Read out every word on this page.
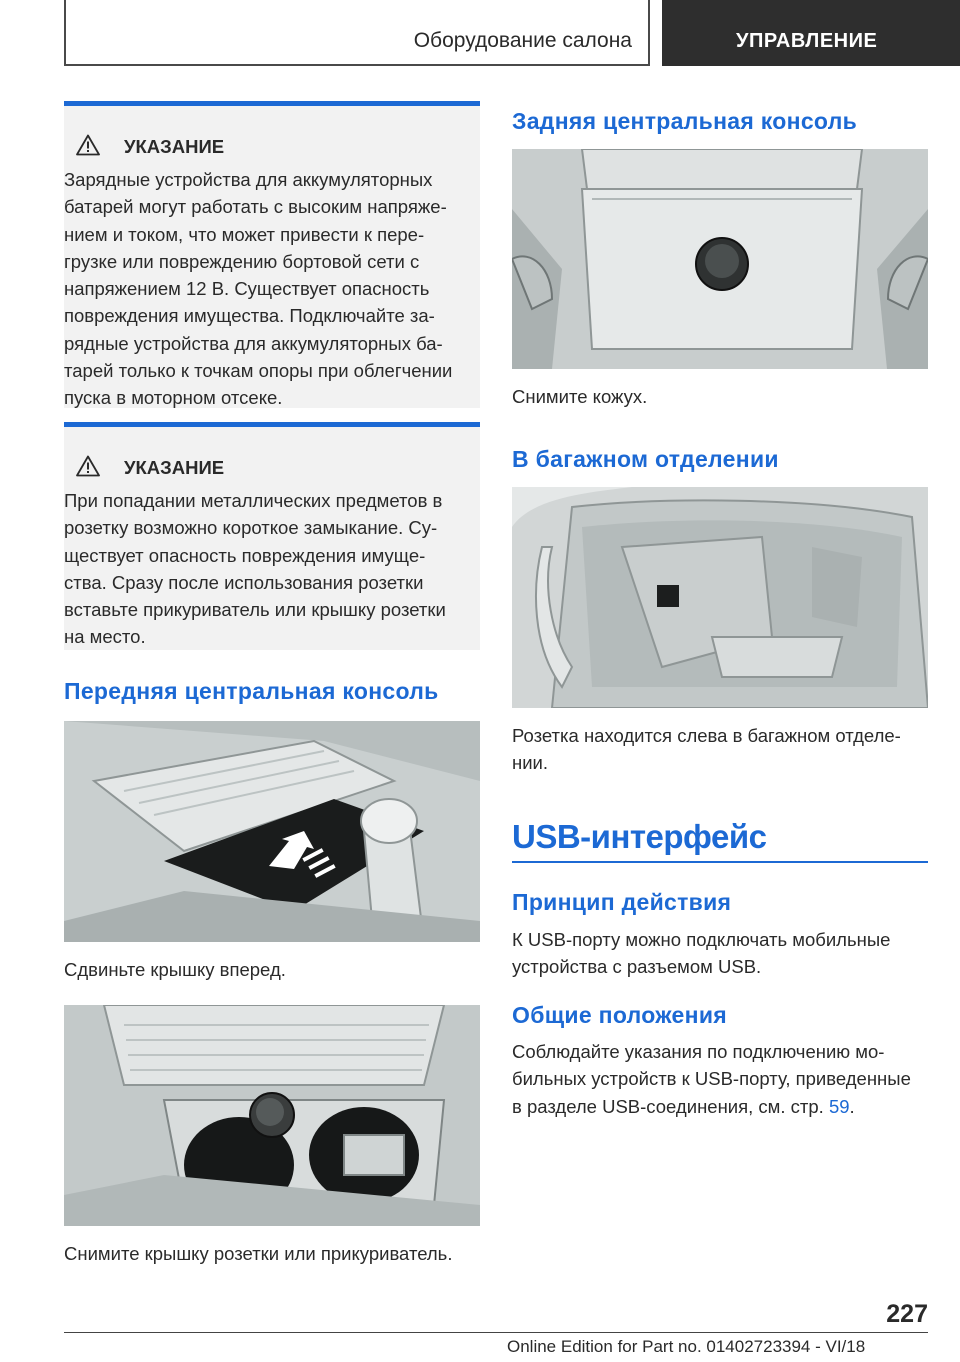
Оборудование салона	УПРАВЛЕНИЕ
УКАЗАНИЕ
Зарядные устройства для аккумуляторных
батарей могут работать с высоким напряже-
нием и током, что может привести к пере-
грузке или повреждению бортовой сети с
напряжением 12 В. Существует опасность
повреждения имущества. Подключайте за-
рядные устройства для аккумуляторных ба-
тарей только к точкам опоры при облегчении
пуска в моторном отсеке.
УКАЗАНИЕ
При попадании металлических предметов в
розетку возможно короткое замыкание. Су-
ществует опасность повреждения имуще-
ства. Сразу после использования розетки
вставьте прикуриватель или крышку розетки
на место.
Передняя центральная консоль
Сдвиньте крышку вперед.
Снимите крышку розетки или прикуриватель.
Задняя центральная консоль
Снимите кожух.
В багажном отделении
Розетка находится слева в багажном отделе-
нии.
USB-интерфейс
Принцип действия
К USB-порту можно подключать мобильные
устройства с разъемом USB.
Общие положения
Соблюдайте указания по подключению мо-
бильных устройств к USB-порту, приведенные
в разделе USB-соединения, см. стр. 59.
227
Online Edition for Part no. 01402723394 - VI/18
